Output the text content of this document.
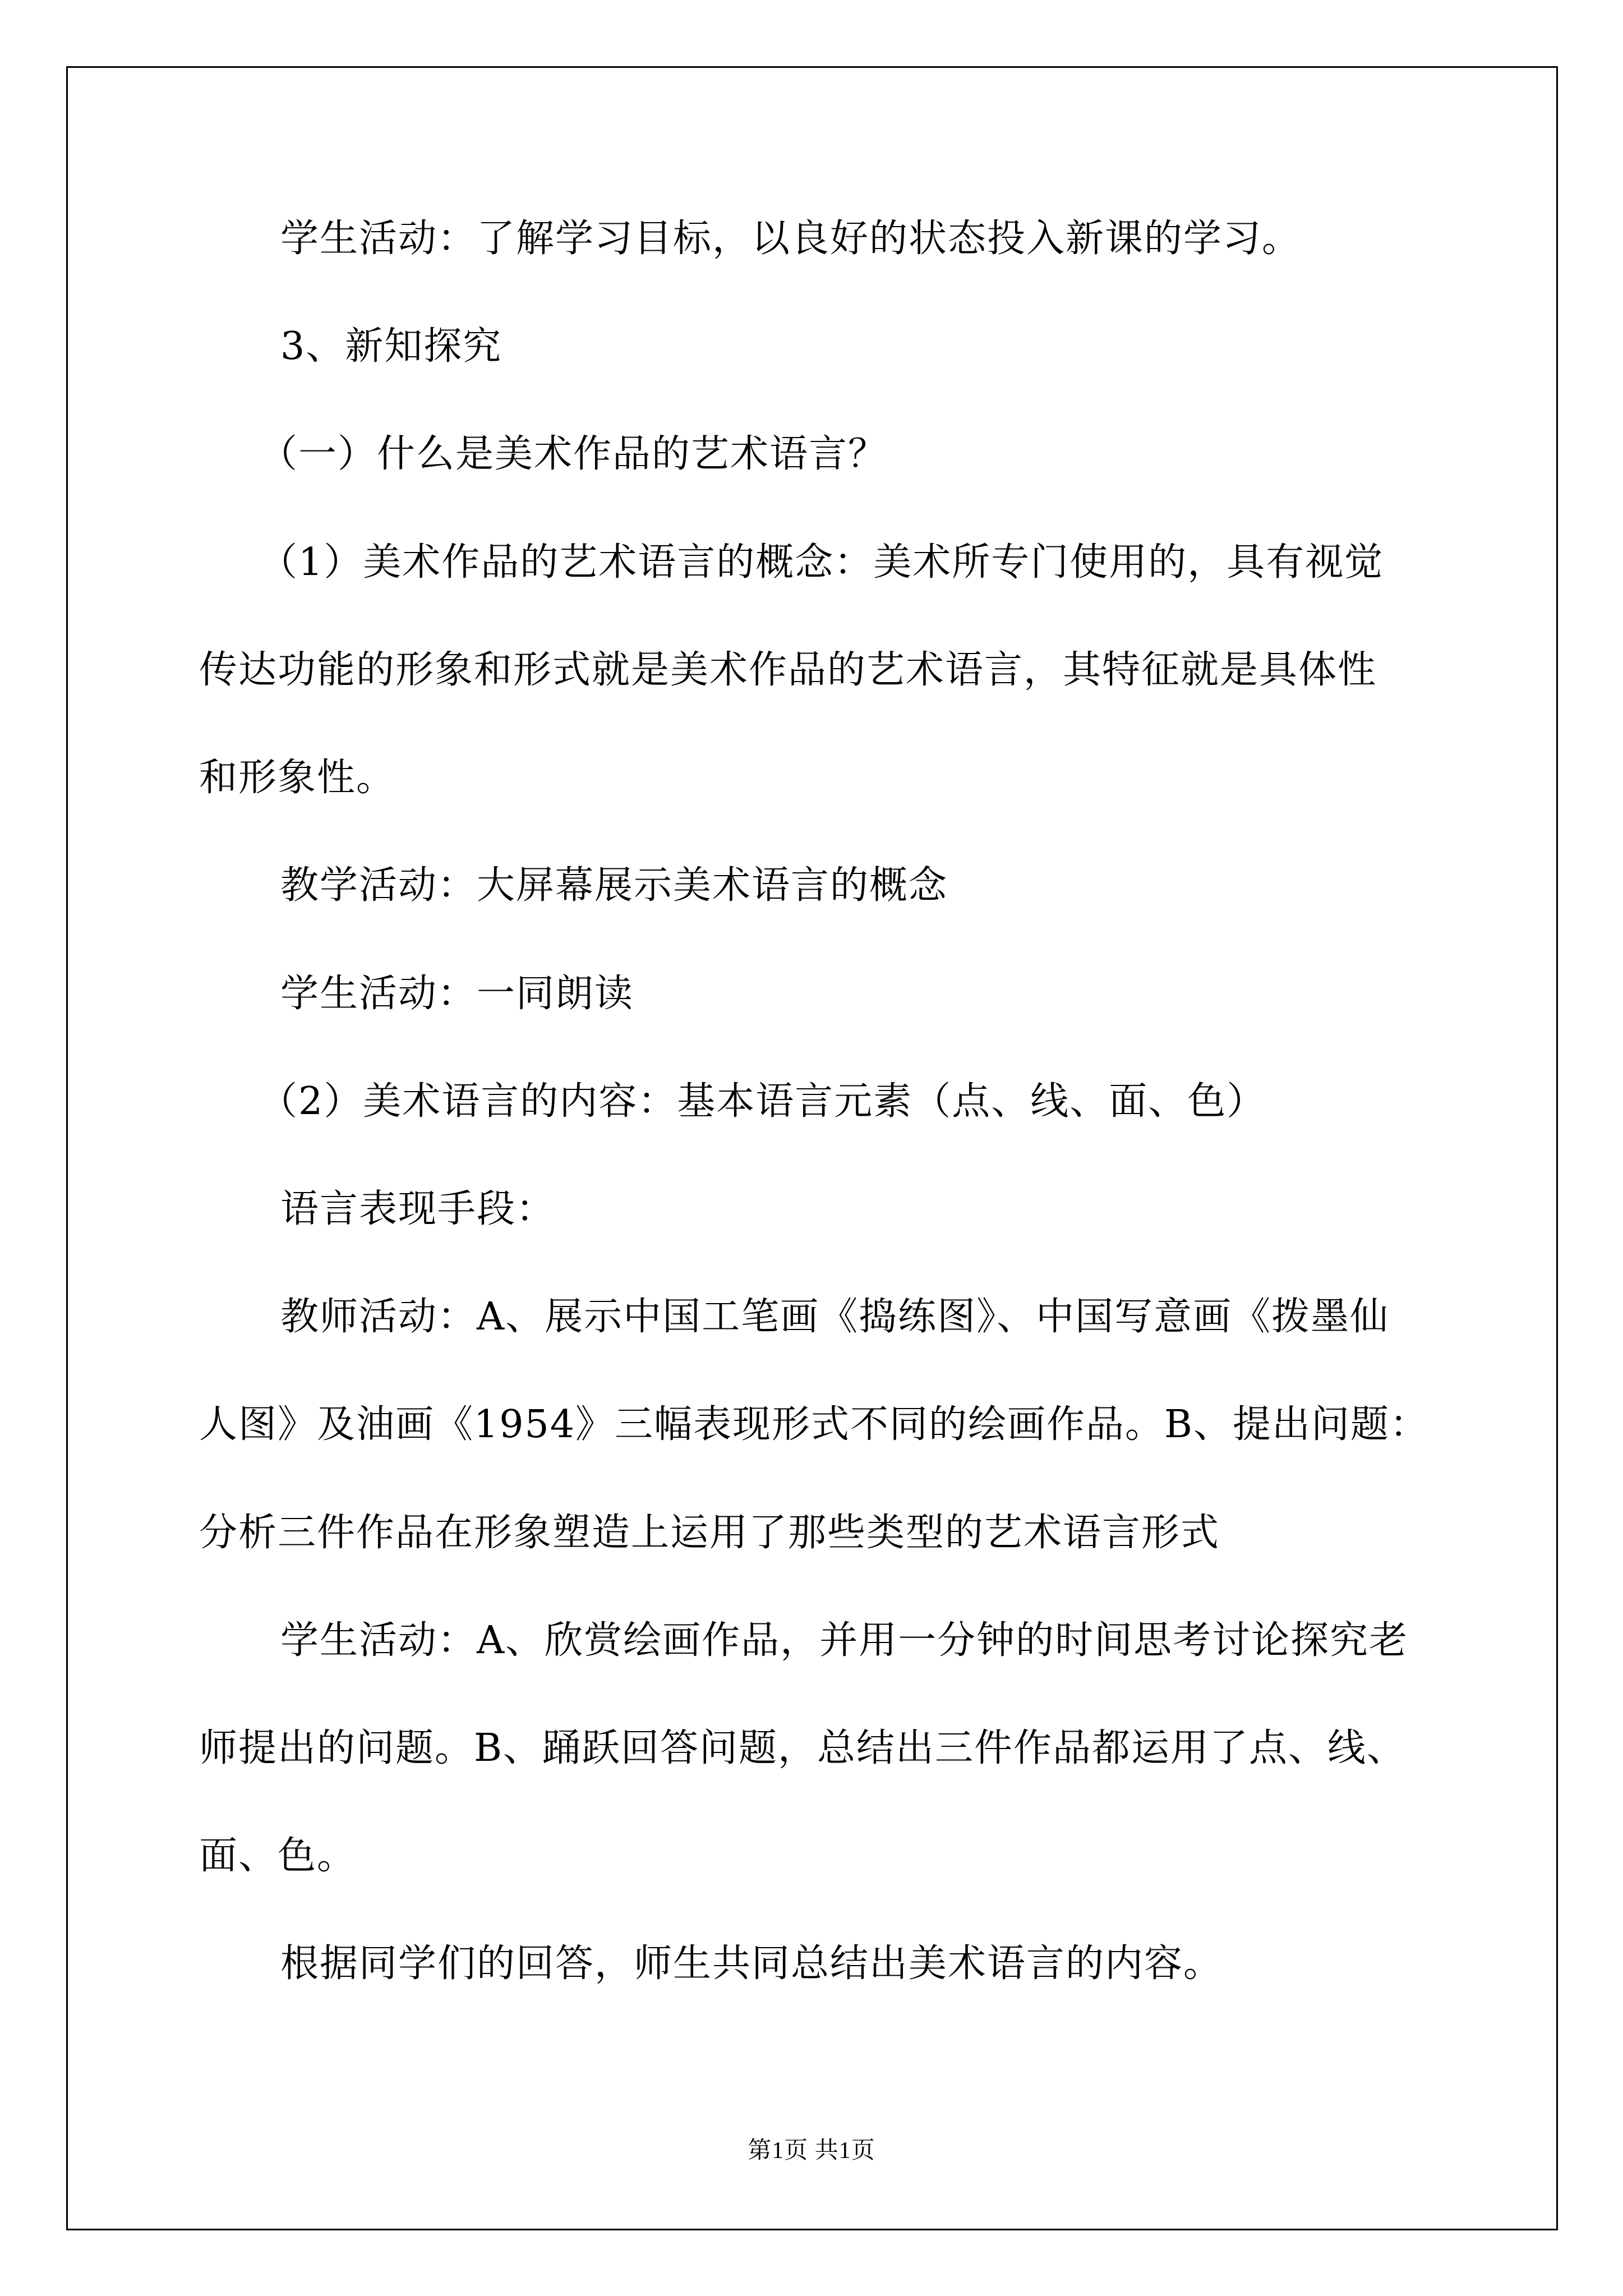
学生活动：了解学习目标，以良好的状态投入新课的学习。
3、新知探究
（一）什么是美术作品的艺术语言？
（1）美术作品的艺术语言的概念：美术所专门使用的，具有视觉
传达功能的形象和形式就是美术作品的艺术语言，其特征就是具体性
和形象性。
教学活动：大屏幕展示美术语言的概念
学生活动：一同朗读
（2）美术语言的内容：基本语言元素（点、线、面、色）
语言表现手段：
教师活动：A、展示中国工笔画《捣练图》、中国写意画《拨墨仙
人图》及油画《1954》三幅表现形式不同的绘画作品。B、提出问题：
分析三件作品在形象塑造上运用了那些类型的艺术语言形式
学生活动：A、欣赏绘画作品，并用一分钟的时间思考讨论探究老
师提出的问题。B、踊跃回答问题，总结出三件作品都运用了点、线、
面、色。
根据同学们的回答，师生共同总结出美术语言的内容。
第1页 共1页
